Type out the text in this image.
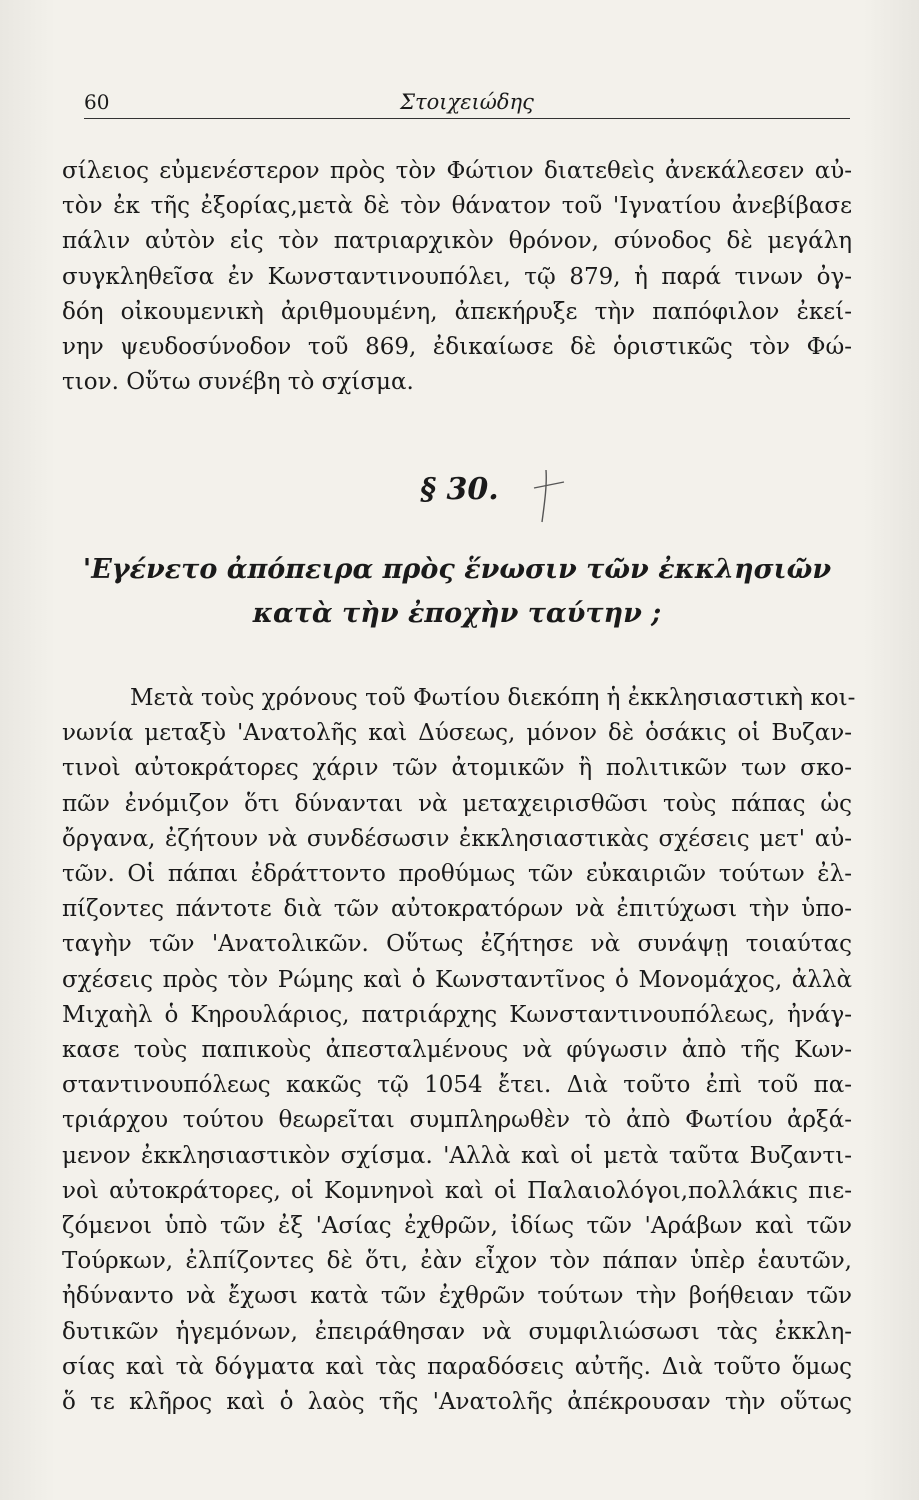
60	Στοιχειώδης
σίλειος εὐμενέστερον πρὸς τὸν Φώτιον διατεθεὶς ἀνεκάλεσεν αὐ-
τὸν ἐκ τῆς ἐξορίας,μετὰ δὲ τὸν θάνατον τοῦ 'Ιγνατίου ἀνεβίβασε
πάλιν αὐτὸν εἰς τὸν πατριαρχικὸν θρόνον, σύνοδος δὲ μεγάλη
συγκληθεῖσα ἐν Κωνσταντινουπόλει, τῷ 879, ἡ παρά τινων ὀγ-
δόη οἰκουμενικὴ ἀριθμουμένη, ἀπεκήρυξε τὴν παπόφιλον ἐκεί-
νην ψευδοσύνοδον τοῦ 869, ἐδικαίωσε δὲ ὁριστικῶς τὸν Φώ-
τιον. Οὕτω συνέβη τὸ σχίσμα.
§ 30.
'Εγένετο ἀπόπειρα πρὸς ἕνωσιν τῶν ἐκκλησιῶν
κατὰ τὴν ἐποχὴν ταύτην ;
Μετὰ τοὺς χρόνους τοῦ Φωτίου διεκόπη ἡ ἐκκλησιαστικὴ κοι-
νωνία μεταξὺ 'Ανατολῆς καὶ Δύσεως, μόνον δὲ ὁσάκις οἱ Βυζαν-
τινοὶ αὐτοκράτορες χάριν τῶν ἀτομικῶν ἢ πολιτικῶν των σκο-
πῶν ἐνόμιζον ὅτι δύνανται νὰ μεταχειρισθῶσι τοὺς πάπας ὡς
ὄργανα, ἐζήτουν νὰ συνδέσωσιν ἐκκλησιαστικὰς σχέσεις μετ' αὐ-
τῶν. Οἱ πάπαι ἐδράττοντο προθύμως τῶν εὐκαιριῶν τούτων ἐλ-
πίζοντες πάντοτε διὰ τῶν αὐτοκρατόρων νὰ ἐπιτύχωσι τὴν ὑπο-
ταγὴν τῶν 'Ανατολικῶν. Οὕτως ἐζήτησε νὰ συνάψῃ τοιαύτας
σχέσεις πρὸς τὸν Ρώμης καὶ ὁ Κωνσταντῖνος ὁ Μονομάχος, ἀλλὰ
Μιχαὴλ ὁ Κηρουλάριος, πατριάρχης Κωνσταντινουπόλεως, ἠνάγ-
κασε τοὺς παπικοὺς ἀπεσταλμένους νὰ φύγωσιν ἀπὸ τῆς Κων-
σταντινουπόλεως κακῶς τῷ 1054 ἔτει. Διὰ τοῦτο ἐπὶ τοῦ πα-
τριάρχου τούτου θεωρεῖται συμπληρωθὲν τὸ ἀπὸ Φωτίου ἀρξά-
μενον ἐκκλησιαστικὸν σχίσμα. 'Αλλὰ καὶ οἱ μετὰ ταῦτα Βυζαντι-
νοὶ αὐτοκράτορες, οἱ Κομνηνοὶ καὶ οἱ Παλαιολόγοι,πολλάκις πιε-
ζόμενοι ὑπὸ τῶν ἐξ 'Ασίας ἐχθρῶν, ἰδίως τῶν 'Αράβων καὶ τῶν
Τούρκων, ἐλπίζοντες δὲ ὅτι, ἐὰν εἶχον τὸν πάπαν ὑπὲρ ἑαυτῶν,
ἠδύναντο νὰ ἔχωσι κατὰ τῶν ἐχθρῶν τούτων τὴν βοήθειαν τῶν
δυτικῶν ἡγεμόνων, ἐπειράθησαν νὰ συμφιλιώσωσι τὰς ἐκκλη-
σίας καὶ τὰ δόγματα καὶ τὰς παραδόσεις αὐτῆς. Διὰ τοῦτο ὅμως
ὅ τε κλῆρος καὶ ὁ λαὸς τῆς 'Ανατολῆς ἀπέκρουσαν τὴν οὕτως
